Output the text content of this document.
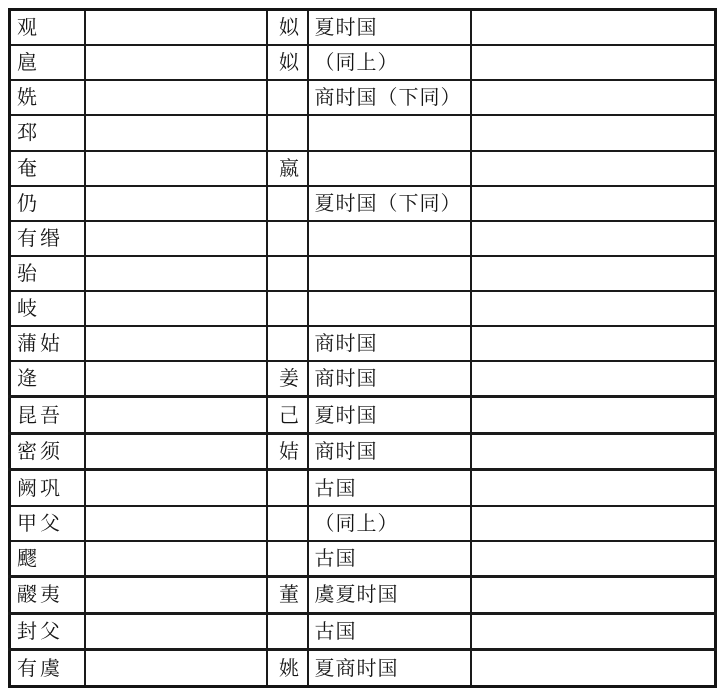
观		姒	夏时国	
扈		姒	（同上）	
姺			商时国（下同）	
邳				
奄		嬴		
仍			夏时国（下同）	
有缗				
骀				
岐				
蒲姑			商时国	
逄		姜	商时国	
昆吾		己	夏时国	
密须		姞	商时国	
阙巩			古国	
甲父			（同上）	
飂			古国	
鬷夷		董	虞夏时国	
封父			古国	
有虞		姚	夏商时国	
